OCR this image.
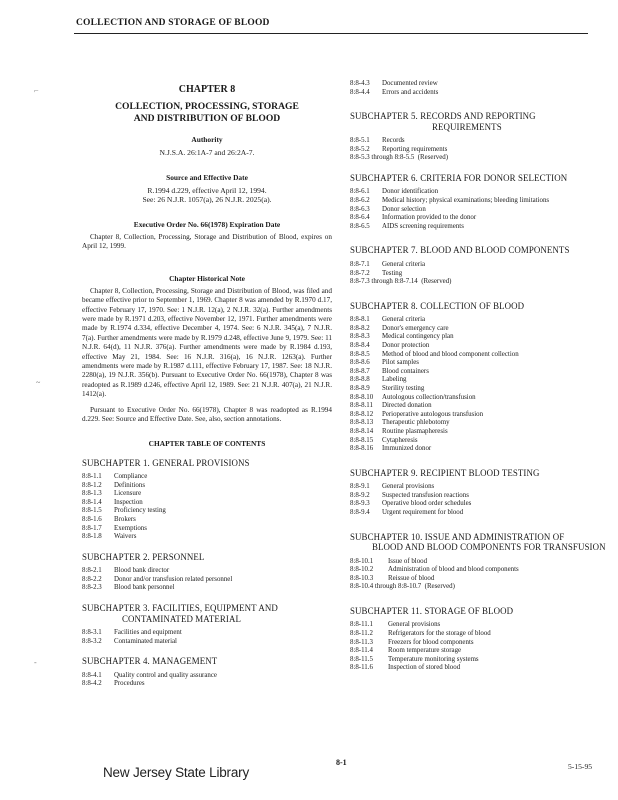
COLLECTION AND STORAGE OF BLOOD
⌐
~
-
CHAPTER 8
COLLECTION, PROCESSING, STORAGE
AND DISTRIBUTION OF BLOOD
Authority
N.J.S.A. 26:1A-7 and 26:2A-7.
Source and Effective Date
R.1994 d.229, effective April 12, 1994.
See: 26 N.J.R. 1057(a), 26 N.J.R. 2025(a).
Executive Order No. 66(1978) Expiration Date

Chapter 8, Collection, Processing, Storage and Distribution of Blood, expires on April 12, 1999.

Chapter Historical Note

Chapter 8, Collection, Processing, Storage and Distribution of Blood, was filed and became effective prior to September 1, 1969. Chapter 8 was amended by R.1970 d.17, effective February 17, 1970. See: 1 N.J.R. 12(a), 2 N.J.R. 32(a). Further amendments were made by R.1971 d.203, effective November 12, 1971. Further amendments were made by R.1974 d.334, effective December 4, 1974. See: 6 N.J.R. 345(a), 7 N.J.R. 7(a). Further amendments were made by R.1979 d.248, effective June 9, 1979. See: 11 N.J.R. 64(d), 11 N.J.R. 376(a). Further amendments were made by R.1984 d.193, effective May 21, 1984. See: 16 N.J.R. 316(a), 16 N.J.R. 1263(a). Further amendments were made by R.1987 d.111, effective February 17, 1987. See: 18 N.J.R. 2280(a), 19 N.J.R. 356(b). Pursuant to Executive Order No. 66(1978), Chapter 8 was readopted as R.1989 d.246, effective April 12, 1989. See: 21 N.J.R. 407(a), 21 N.J.R. 1412(a).

Pursuant to Executive Order No. 66(1978), Chapter 8 was readopted as R.1994 d.229. See: Source and Effective Date. See, also, section annotations.

CHAPTER TABLE OF CONTENTS
SUBCHAPTER 1. GENERAL PROVISIONS
8:8-1.1 Compliance
8:8-1.2 Definitions
8:8-1.3 Licensure
8:8-1.4 Inspection
8:8-1.5 Proficiency testing
8:8-1.6 Brokers
8:8-1.7 Exemptions
8:8-1.8 Waivers
SUBCHAPTER 2. PERSONNEL
8:8-2.1 Blood bank director
8:8-2.2 Donor and/or transfusion related personnel
8:8-2.3 Blood bank personnel
SUBCHAPTER 3. FACILITIES, EQUIPMENT AND
CONTAMINATED MATERIAL
8:8-3.1 Facilities and equipment
8:8-3.2 Contaminated material
SUBCHAPTER 4. MANAGEMENT
8:8-4.1 Quality control and quality assurance
8:8-4.2 Procedures
8:8-4.3 Documented review
8:8-4.4 Errors and accidents
SUBCHAPTER 5. RECORDS AND REPORTING
REQUIREMENTS
8:8-5.1 Records
8:8-5.2 Reporting requirements
8:8-5.3 through 8:8-5.5 (Reserved)
SUBCHAPTER 6. CRITERIA FOR DONOR SELECTION
8:8-6.1 Donor identification
8:8-6.2 Medical history; physical examinations; bleeding limitations
8:8-6.3 Donor selection
8:8-6.4 Information provided to the donor
8:8-6.5 AIDS screening requirements
SUBCHAPTER 7. BLOOD AND BLOOD COMPONENTS
8:8-7.1 General criteria
8:8-7.2 Testing
8:8-7.3 through 8:8-7.14 (Reserved)
SUBCHAPTER 8. COLLECTION OF BLOOD
8:8-8.1 General criteria
8:8-8.2 Donor's emergency care
8:8-8.3 Medical contingency plan
8:8-8.4 Donor protection
8:8-8.5 Method of blood and blood component collection
8:8-8.6 Pilot samples
8:8-8.7 Blood containers
8:8-8.8 Labeling
8:8-8.9 Sterility testing
8:8-8.10 Autologous collection/transfusion
8:8-8.11 Directed donation
8:8-8.12 Perioperative autologous transfusion
8:8-8.13 Therapeutic phlebotomy
8:8-8.14 Routine plasmapheresis
8:8-8.15 Cytapheresis
8:8-8.16 Immunized donor
SUBCHAPTER 9. RECIPIENT BLOOD TESTING
8:8-9.1 General provisions
8:8-9.2 Suspected transfusion reactions
8:8-9.3 Operative blood order schedules
8:8-9.4 Urgent requirement for blood
SUBCHAPTER 10. ISSUE AND ADMINISTRATION OF
BLOOD AND BLOOD COMPONENTS FOR TRANSFUSION
8:8-10.1 Issue of blood
8:8-10.2 Administration of blood and blood components
8:8-10.3 Reissue of blood
8:8-10.4 through 8:8-10.7 (Reserved)
SUBCHAPTER 11. STORAGE OF BLOOD
8:8-11.1 General provisions
8:8-11.2 Refrigerators for the storage of blood
8:8-11.3 Freezers for blood components
8:8-11.4 Room temperature storage
8:8-11.5 Temperature monitoring systems
8:8-11.6 Inspection of stored blood
8-1	5-15-95
New Jersey State Library
